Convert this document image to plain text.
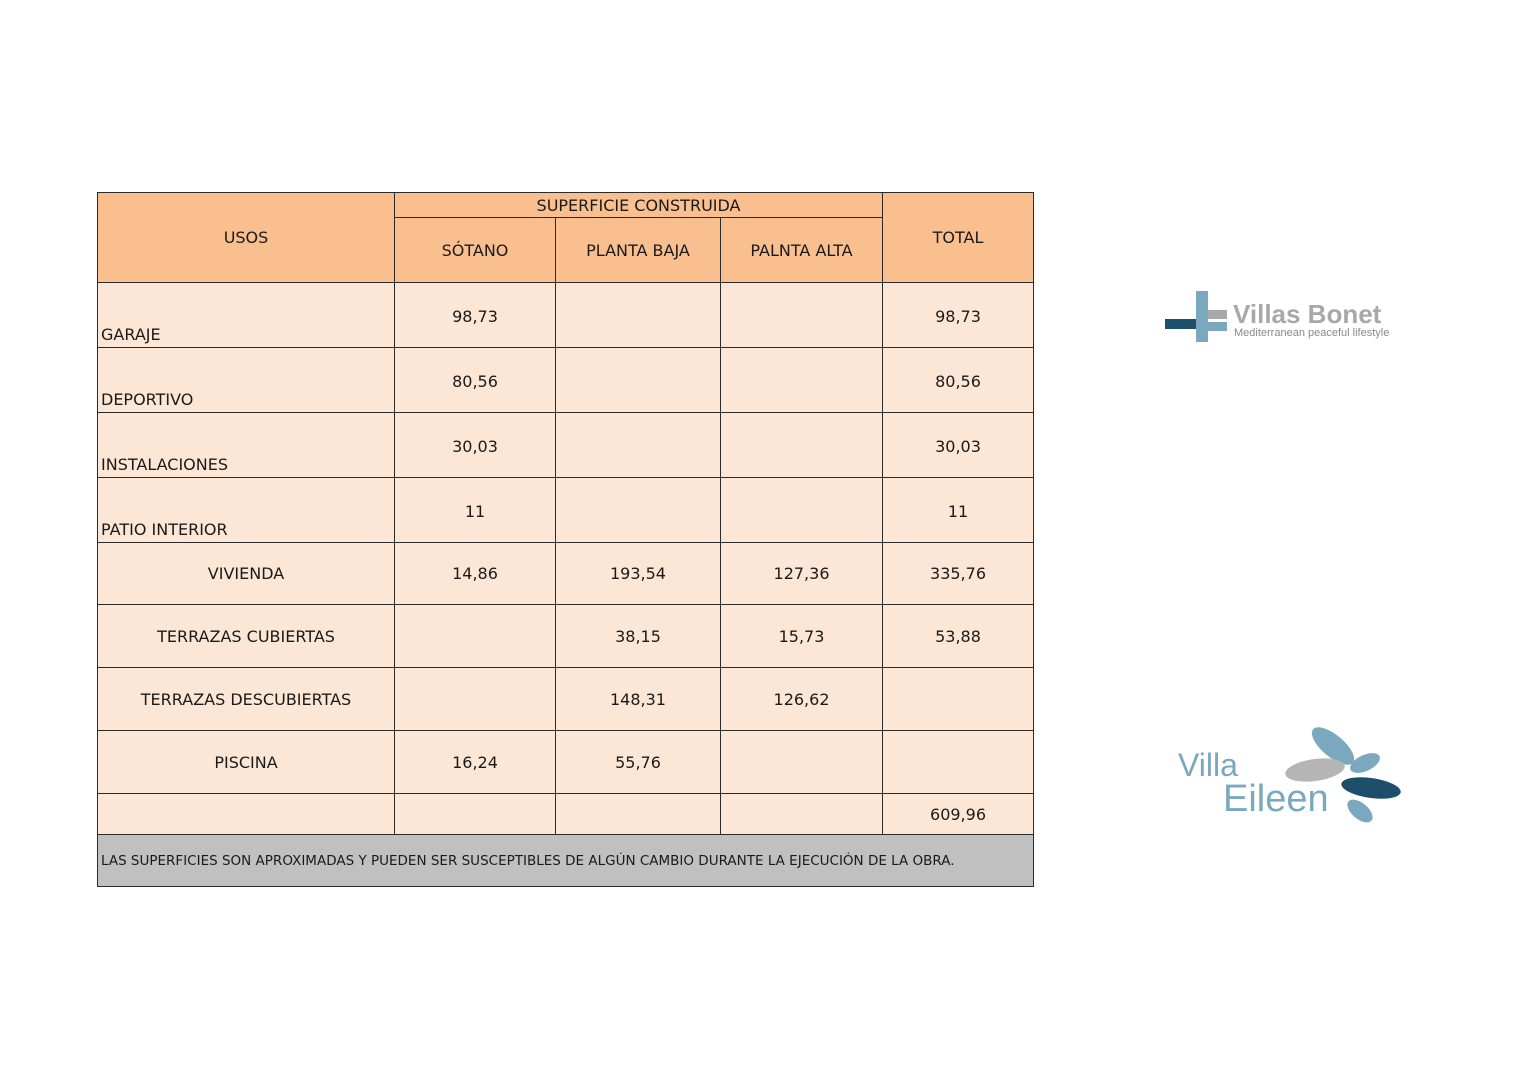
USOS	SUPERFICIE CONSTRUIDA			TOTAL
	SÓTANO	PLANTA BAJA	PALNTA ALTA	
GARAJE	98,73			98,73
DEPORTIVO	80,56			80,56
INSTALACIONES	30,03			30,03
PATIO INTERIOR	11			11
VIVIENDA	14,86	193,54	127,36	335,76
TERRAZAS CUBIERTAS		38,15	15,73	53,88
TERRAZAS DESCUBIERTAS		148,31	126,62	
PISCINA	16,24	55,76		
				609,96
LAS SUPERFICIES SON APROXIMADAS Y PUEDEN SER SUSCEPTIBLES DE ALGÚN CAMBIO DURANTE LA EJECUCIÓN DE LA OBRA.				
Villas Bonet
Mediterranean peaceful lifestyle
Villa
Eileen
